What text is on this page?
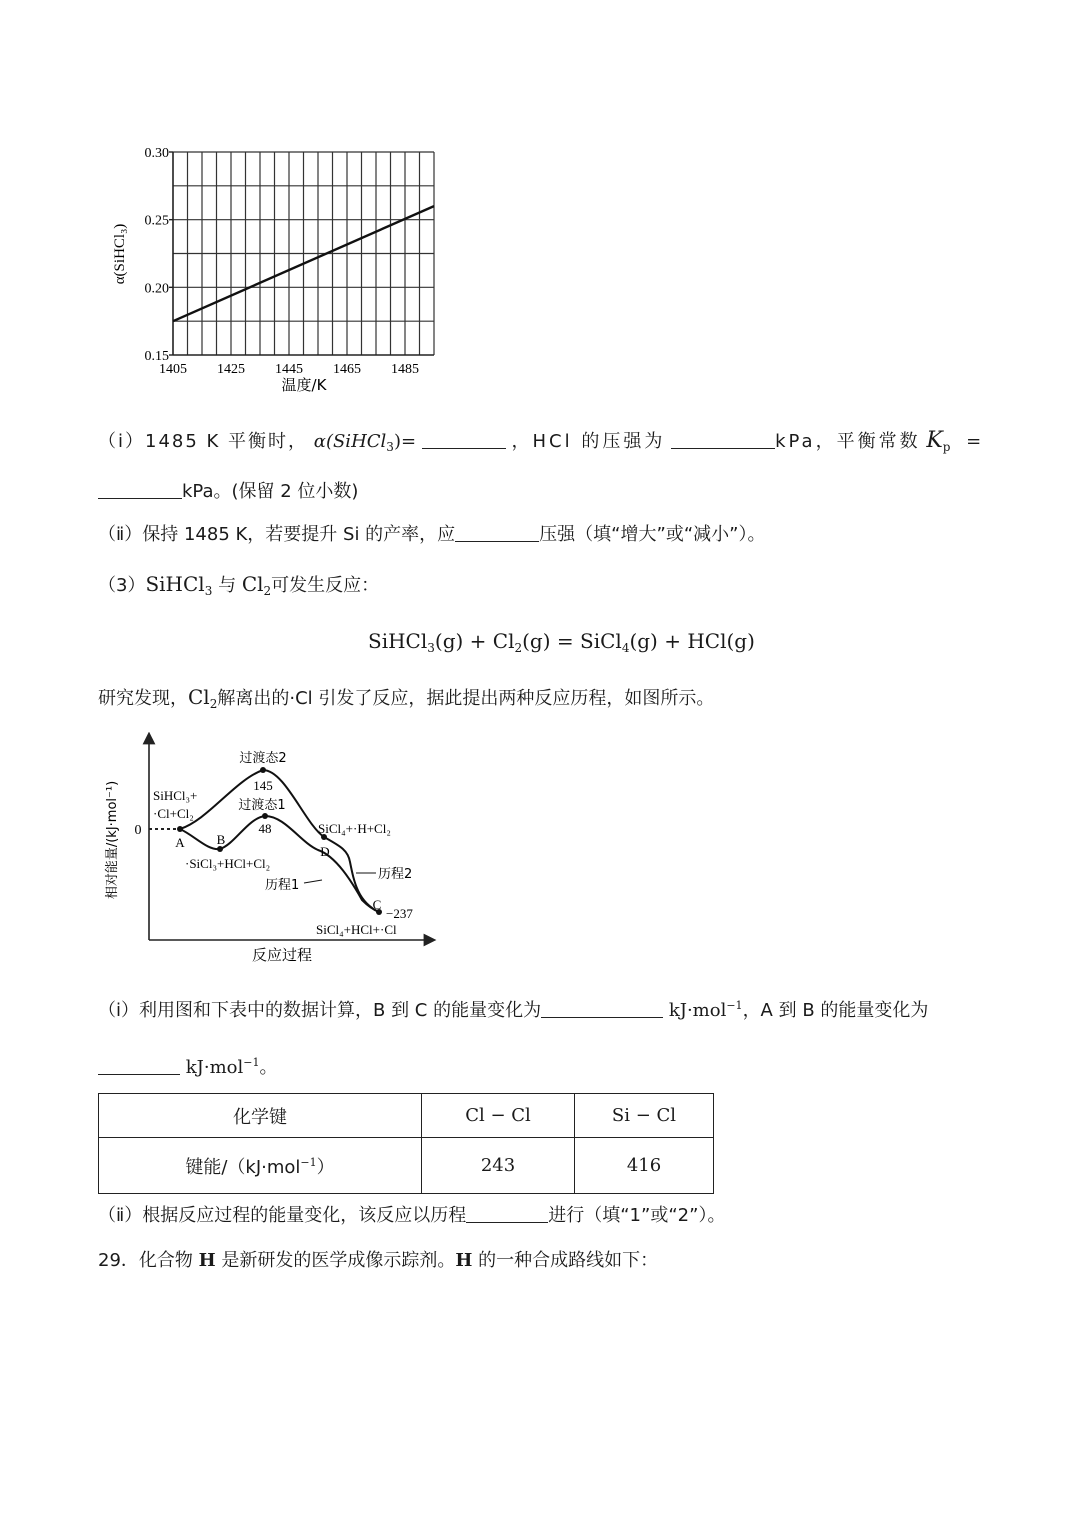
0.30
0.25
0.20
0.15
1405 1425 1445 1465 1485
α(SiHCl₃)
温度/K
（ⅰ）1485 K 平衡时， α(SiHCl$_3$)=	，HCl 的压强为	kPa，平衡常数 $K_p$ =
kPa。(保留 2 位小数)
（ⅱ）保持 1485 K，若要提升 Si 的产率，应	压强（填“增大”或“减小”）。
（3）SiHCl$_3$ 与 $Cl_2$可发生反应：
SiHCl$_3$(g) + $Cl_2(g)$ = SiCl$_4$(g) + HCl(g)
研究发现，$Cl_2$解离出的·Cl 引发了反应，据此提出两种反应历程，如图所示。
0
相对能量/(kJ·mol⁻¹)
反应过程
过渡态2
145
过渡态1
48
SiHCl₃+
·Cl+Cl₂
A B
·SiCl₃+HCl+Cl₂
D
SiCl₄+·H+Cl₂
C
−237
SiCl₄+HCl+·Cl
历程1
历程2
（ⅰ）利用图和下表中的数据计算，B 到 C 的能量变化为	kJ·mol$^{-1}$，A 到 B 的能量变化为
kJ·mol$^{-1}$。
化学键	Cl − Cl	Si − Cl
键能/（kJ·mol$^{-1}$）	243	416
（ⅱ）根据反应过程的能量变化，该反应以历程	进行（填“1”或“2”）。
29．化合物 H 是新研发的医学成像示踪剂。H 的一种合成路线如下：
